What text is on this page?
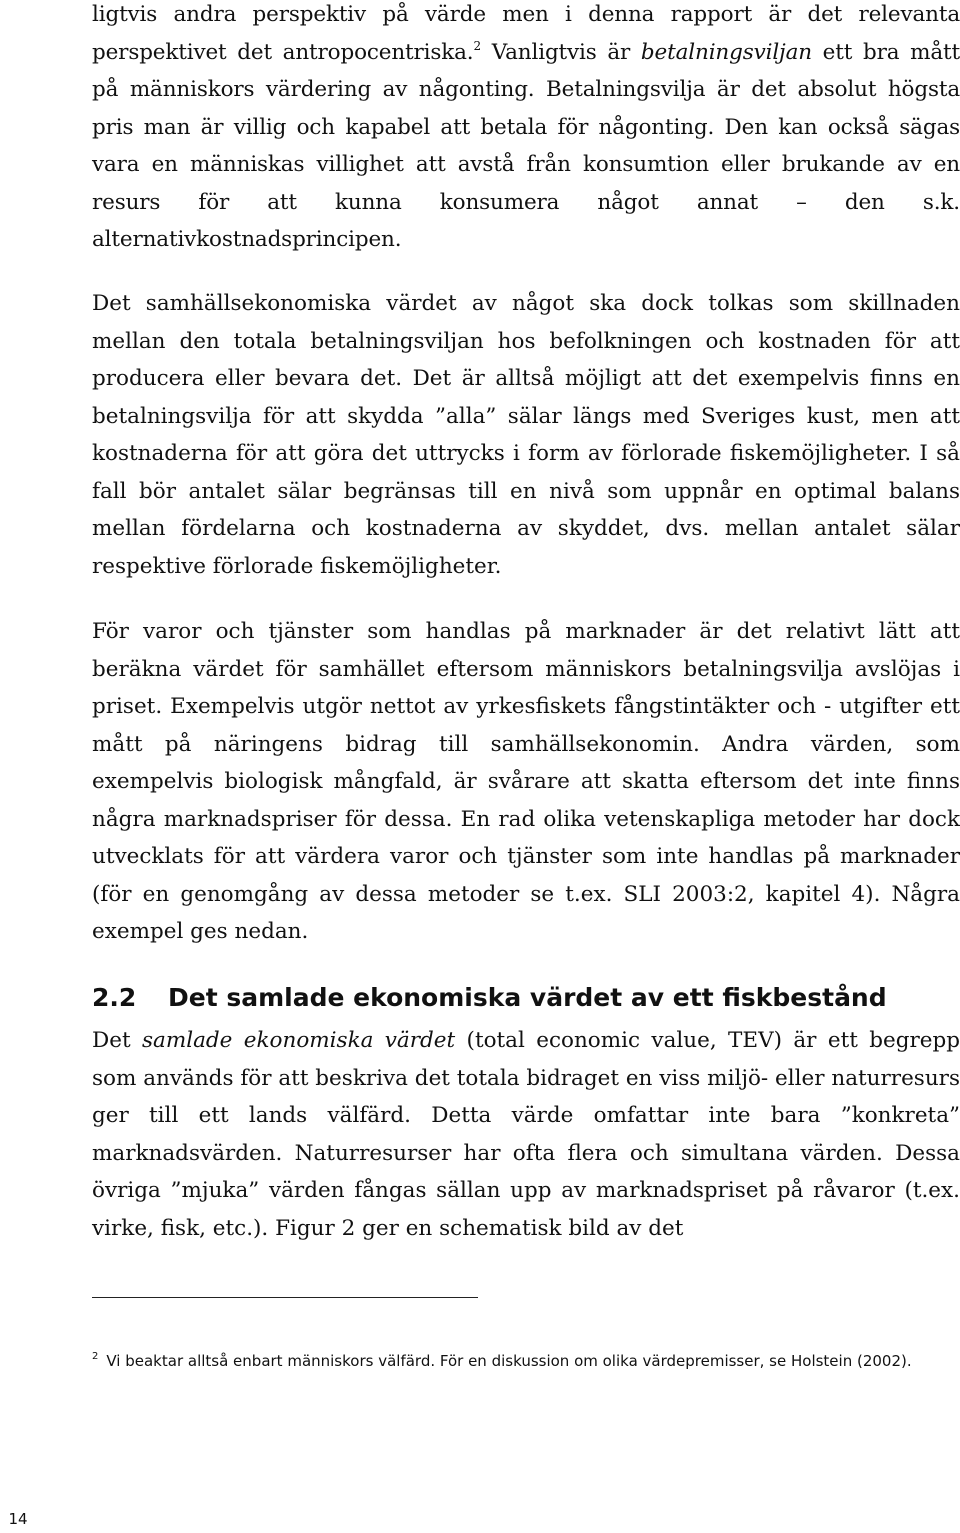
ligtvis andra perspektiv på värde men i denna rapport är det relevanta perspektivet det antropocentriska.$^2$ Vanligtvis är betalningsviljan ett bra mått på människors värdering av någonting. Betalningsvilja är det absolut högsta pris man är villig och kapabel att betala för någonting. Den kan också sägas vara en människas villighet att avstå från konsumtion eller brukande av en resurs för att kunna konsumera något annat – den s.k. alternativkostnadsprincipen.

Det samhällsekonomiska värdet av något ska dock tolkas som skillnaden mellan den totala betalningsviljan hos befolkningen och kostnaden för att producera eller bevara det. Det är alltså möjligt att det exempelvis finns en betalningsvilja för att skydda ”alla” sälar längs med Sveriges kust, men att kostnaderna för att göra det uttrycks i form av förlorade fiskemöjligheter. I så fall bör antalet sälar begränsas till en nivå som uppnår en optimal balans mellan fördelarna och kostnaderna av skyddet, dvs. mellan antalet sälar respektive förlorade fiskemöjligheter.

För varor och tjänster som handlas på marknader är det relativt lätt att beräkna värdet för samhället eftersom människors betalningsvilja avslöjas i priset. Exempelvis utgör nettot av yrkesfiskets fångstintäkter och - utgifter ett mått på näringens bidrag till samhällsekonomin. Andra värden, som exempelvis biologisk mångfald, är svårare att skatta eftersom det inte finns några marknadspriser för dessa. En rad olika vetenskapliga metoder har dock utvecklats för att värdera varor och tjänster som inte handlas på marknader (för en genomgång av dessa metoder se t.ex. SLI 2003:2, kapitel 4). Några exempel ges nedan.

2.2 Det samlade ekonomiska värdet av ett fiskbestånd

Det samlade ekonomiska värdet (total economic value, TEV) är ett begrepp som används för att beskriva det totala bidraget en viss miljö- eller naturresurs ger till ett lands välfärd. Detta värde omfattar inte bara ”konkreta” marknadsvärden. Naturresurser har ofta flera och simultana värden. Dessa övriga ”mjuka” värden fångas sällan upp av marknadspriset på råvaror (t.ex. virke, fisk, etc.). Figur 2 ger en schematisk bild av det

$^2$ Vi beaktar alltså enbart människors välfärd. För en diskussion om olika värdepremisser, se Holstein (2002).
14
